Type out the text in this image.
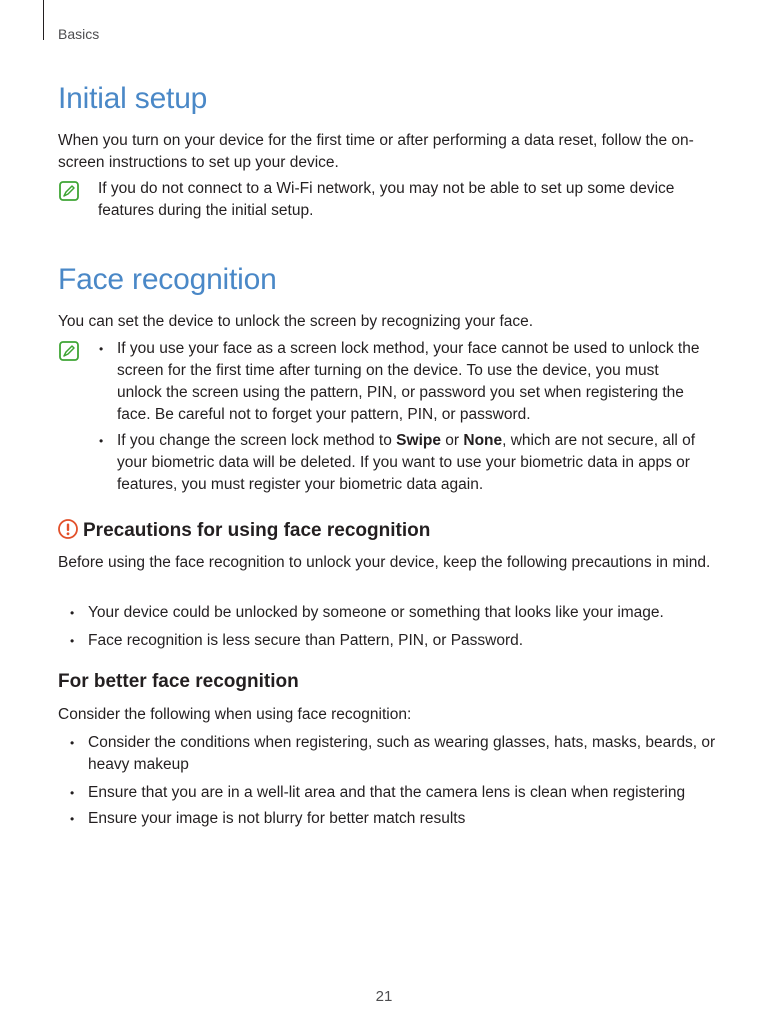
Basics
Initial setup

When you turn on your device for the first time or after performing a data reset, follow the on-screen instructions to set up your device.

If you do not connect to a Wi-Fi network, you may not be able to set up some device features during the initial setup.

Face recognition

You can set the device to unlock the screen by recognizing your face.

• If you use your face as a screen lock method, your face cannot be used to unlock the screen for the first time after turning on the device. To use the device, you must unlock the screen using the pattern, PIN, or password you set when registering the face. Be careful not to forget your pattern, PIN, or password.

• If you change the screen lock method to Swipe or None, which are not secure, all of your biometric data will be deleted. If you want to use your biometric data in apps or features, you must register your biometric data again.

Precautions for using face recognition

Before using the face recognition to unlock your device, keep the following precautions in mind.

• Your device could be unlocked by someone or something that looks like your image.

• Face recognition is less secure than Pattern, PIN, or Password.

For better face recognition

Consider the following when using face recognition:

• Consider the conditions when registering, such as wearing glasses, hats, masks, beards, or heavy makeup

• Ensure that you are in a well-lit area and that the camera lens is clean when registering

• Ensure your image is not blurry for better match results

21
